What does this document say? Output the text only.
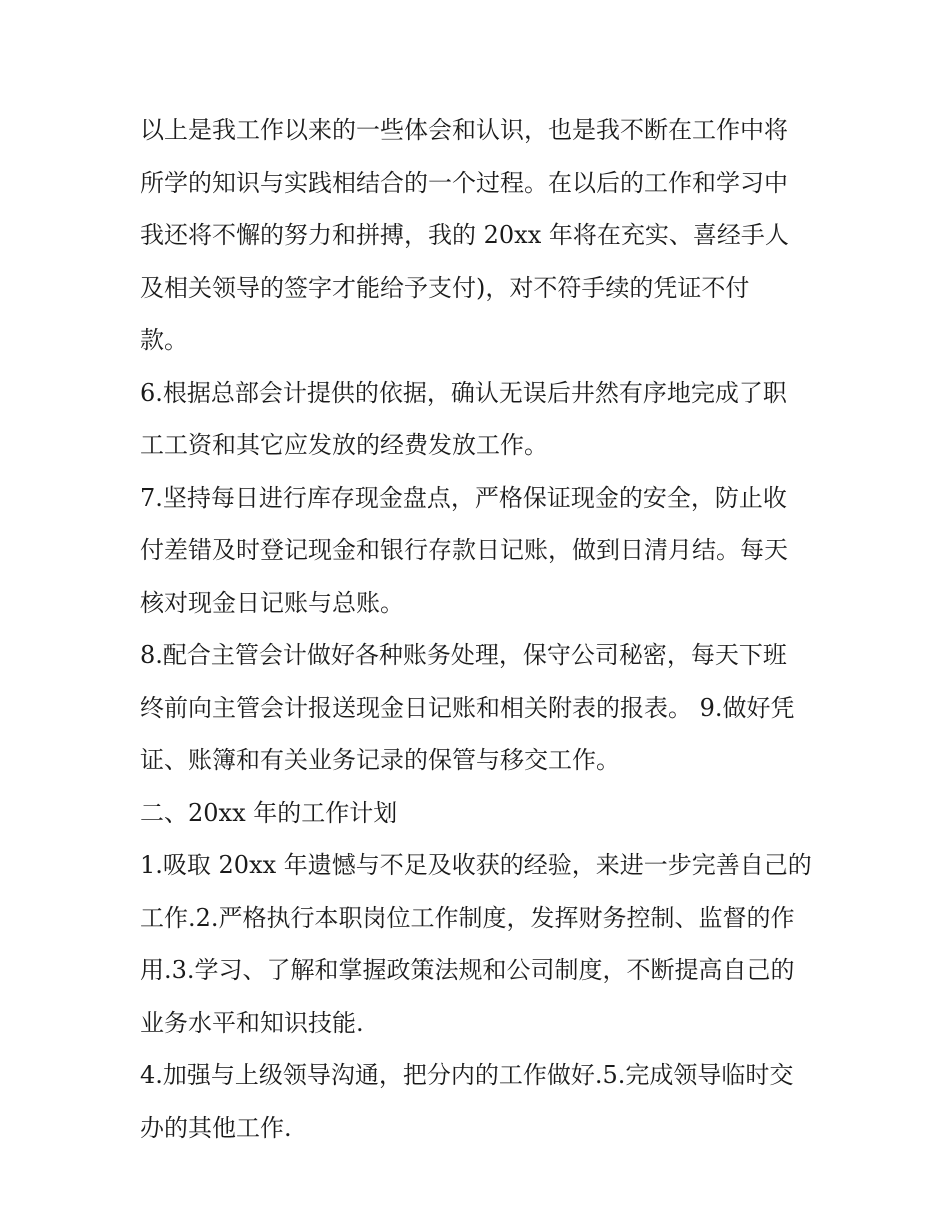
以上是我工作以来的一些体会和认识，也是我不断在工作中将
所学的知识与实践相结合的一个过程。在以后的工作和学习中
我还将不懈的努力和拼搏，我的 20xx 年将在充实、喜经手人
及相关领导的签字才能给予支付)，对不符手续的凭证不付
款。
6.根据总部会计提供的依据，确认无误后井然有序地完成了职
工工资和其它应发放的经费发放工作。
7.坚持每日进行库存现金盘点，严格保证现金的安全，防止收
付差错及时登记现金和银行存款日记账，做到日清月结。每天
核对现金日记账与总账。
8.配合主管会计做好各种账务处理，保守公司秘密，每天下班
终前向主管会计报送现金日记账和相关附表的报表。 9.做好凭
证、账簿和有关业务记录的保管与移交工作。
二、20xx 年的工作计划
1.吸取 20xx 年遗憾与不足及收获的经验，来进一步完善自己的
工作.2.严格执行本职岗位工作制度，发挥财务控制、监督的作
用.3.学习、了解和掌握政策法规和公司制度，不断提高自己的
业务水平和知识技能.
4.加强与上级领导沟通，把分内的工作做好.5.完成领导临时交
办的其他工作.
